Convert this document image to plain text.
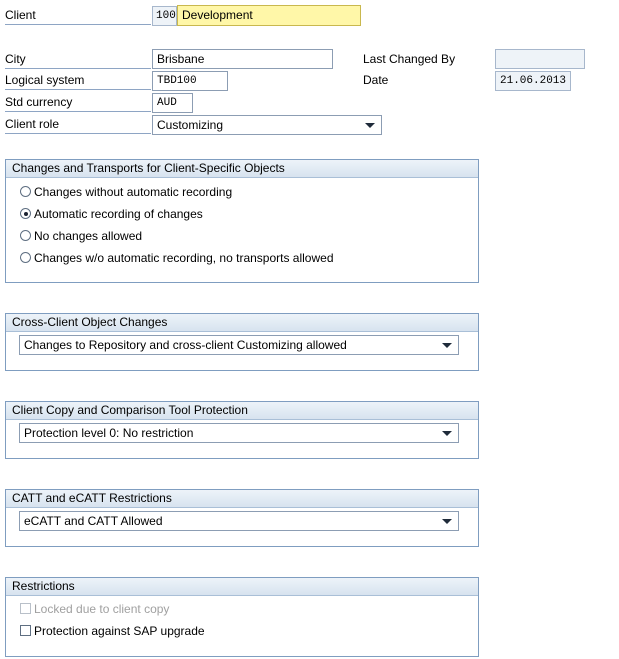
Client	100 Development
City	Brisbane	Last Changed By
Logical system	TBD100	Date	21.06.2013
Std currency	AUD
Client role	Customizing
Changes and Transports for Client-Specific Objects
Changes without automatic recording
Automatic recording of changes
No changes allowed
Changes w/o automatic recording, no transports allowed
Cross-Client Object Changes
Changes to Repository and cross-client Customizing allowed
Client Copy and Comparison Tool Protection
Protection level 0: No restriction
CATT and eCATT Restrictions
eCATT and CATT Allowed
Restrictions
Locked due to client copy
Protection against SAP upgrade
